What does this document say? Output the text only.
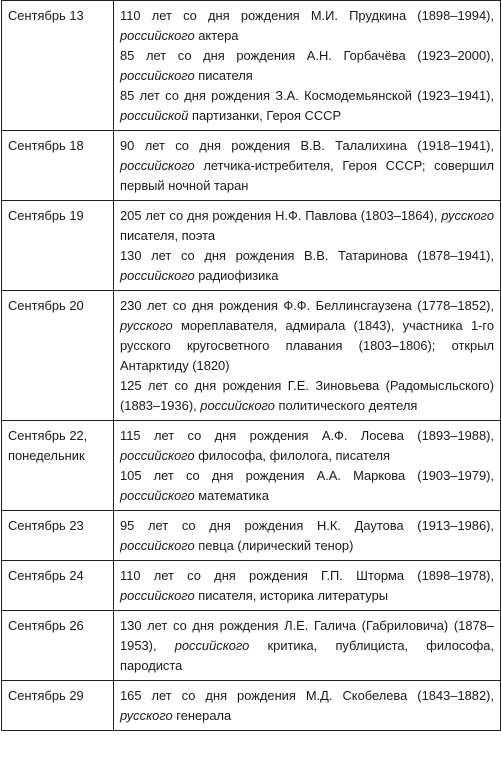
Сентябрь 13	110 лет со дня рождения М.И. Прудкина (1898–1994), российского актера
85 лет со дня рождения А.Н. Горбачёва (1923–2000), российского писателя
85 лет со дня рождения З.А. Космодемьянской (1923–1941), российской партизанки, Героя СССР

Сентябрь 18	90 лет со дня рождения В.В. Талалихина (1918–1941), российского летчика-истребителя, Героя СССР; совершил первый ночной таран

Сентябрь 19	205 лет со дня рождения Н.Ф. Павлова (1803–1864), русского писателя, поэта
130 лет со дня рождения В.В. Татаринова (1878–1941), российского радиофизика

Сентябрь 20	230 лет со дня рождения Ф.Ф. Беллинсгаузена (1778–1852), русского мореплавателя, адмирала (1843), участника 1-го русского кругосветного плавания (1803–1806); открыл Антарктиду (1820)
125 лет со дня рождения Г.Е. Зиновьева (Радомысльского) (1883–1936), российского политического деятеля

Сентябрь 22, понедельник	115 лет со дня рождения А.Ф. Лосева (1893–1988), российского философа, филолога, писателя
105 лет со дня рождения А.А. Маркова (1903–1979), российского математика

Сентябрь 23	95 лет со дня рождения Н.К. Даутова (1913–1986), российского певца (лирический тенор)

Сентябрь 24	110 лет со дня рождения Г.П. Шторма (1898–1978), российского писателя, историка литературы

Сентябрь 26	130 лет со дня рождения Л.Е. Галича (Габриловича) (1878–1953), российского критика, публициста, философа, пародиста

Сентябрь 29	165 лет со дня рождения М.Д. Скобелева (1843–1882), русского генерала
